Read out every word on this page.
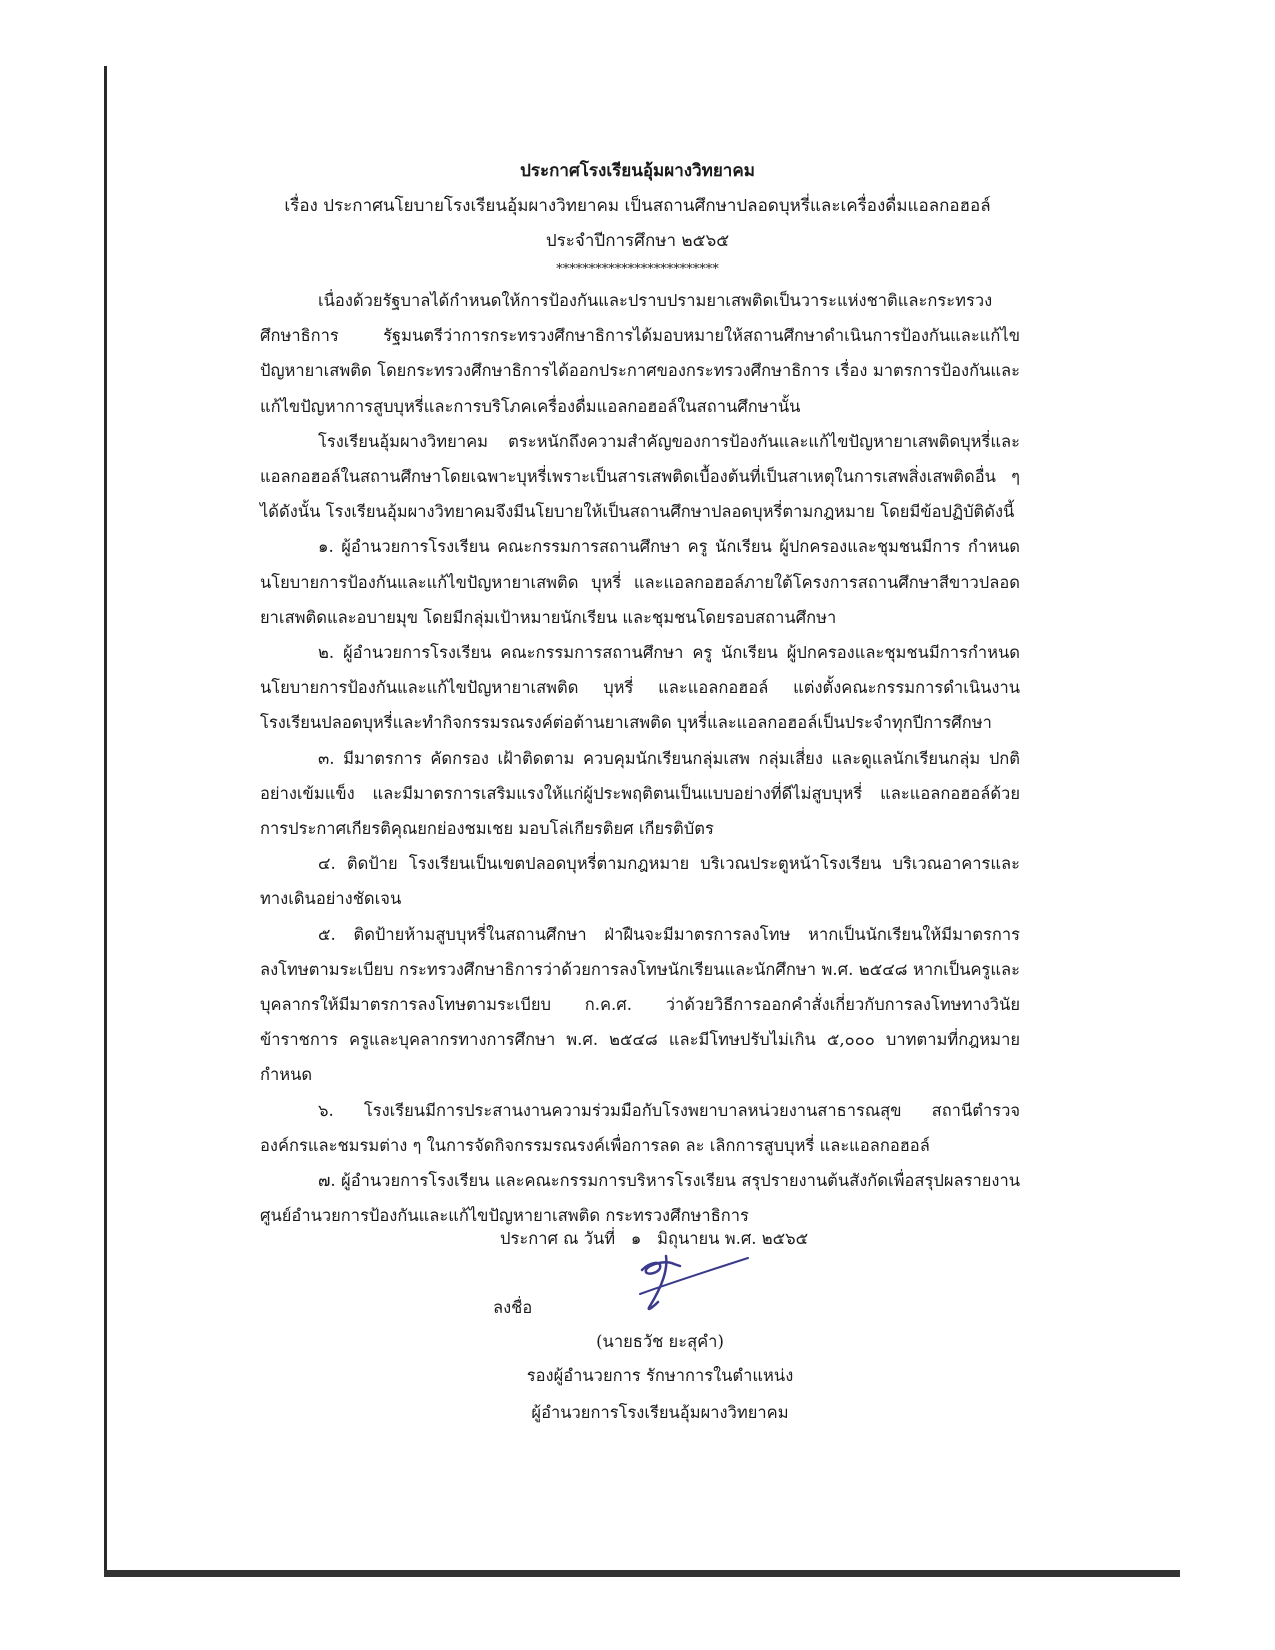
ประกาศโรงเรียนอุ้มผางวิทยาคม
เรื่อง ประกาศนโยบายโรงเรียนอุ้มผางวิทยาคม เป็นสถานศึกษาปลอดบุหรี่และเครื่องดื่มแอลกอฮอล์
ประจำปีการศึกษา ๒๕๖๕
*************************

เนื่องด้วยรัฐบาลได้กำหนดให้การป้องกันและปราบปรามยาเสพติดเป็นวาระแห่งชาติและกระทรวงศึกษาธิการ รัฐมนตรีว่าการกระทรวงศึกษาธิการได้มอบหมายให้สถานศึกษาดำเนินการป้องกันและแก้ไข ปัญหายาเสพติด โดยกระทรวงศึกษาธิการได้ออกประกาศของกระทรวงศึกษาธิการ เรื่อง มาตรการป้องกันและแก้ไขปัญหาการสูบบุหรี่และการบริโภคเครื่องดื่มแอลกอฮอล์ในสถานศึกษานั้น

โรงเรียนอุ้มผางวิทยาคม ตระหนักถึงความสำคัญของการป้องกันและแก้ไขปัญหายาเสพติดบุหรี่และแอลกอฮอล์ในสถานศึกษาโดยเฉพาะบุหรี่เพราะเป็นสารเสพติดเบื้องต้นที่เป็นสาเหตุในการเสพสิ่งเสพติดอื่น ๆ ได้ดังนั้น โรงเรียนอุ้มผางวิทยาคมจึงมีนโยบายให้เป็นสถานศึกษาปลอดบุหรี่ตามกฎหมาย โดยมีข้อปฏิบัติดังนี้

๑. ผู้อำนวยการโรงเรียน คณะกรรมการสถานศึกษา ครู นักเรียน ผู้ปกครองและชุมชนมีการ กำหนดนโยบายการป้องกันและแก้ไขปัญหายาเสพติด บุหรี่ และแอลกอฮอล์ภายใต้โครงการสถานศึกษาสีขาวปลอดยาเสพติดและอบายมุข โดยมีกลุ่มเป้าหมายนักเรียน และชุมชนโดยรอบสถานศึกษา

๒. ผู้อำนวยการโรงเรียน คณะกรรมการสถานศึกษา ครู นักเรียน ผู้ปกครองและชุมชนมีการกำหนดนโยบายการป้องกันและแก้ไขปัญหายาเสพติด บุหรี่ และแอลกอฮอล์ แต่งตั้งคณะกรรมการดำเนินงานโรงเรียนปลอดบุหรี่และทำกิจกรรมรณรงค์ต่อต้านยาเสพติด บุหรี่และแอลกอฮอล์เป็นประจำทุกปีการศึกษา

๓. มีมาตรการ คัดกรอง เฝ้าติดตาม ควบคุมนักเรียนกลุ่มเสพ กลุ่มเสี่ยง และดูแลนักเรียนกลุ่ม ปกติอย่างเข้มแข็ง และมีมาตรการเสริมแรงให้แก่ผู้ประพฤติตนเป็นแบบอย่างที่ดีไม่สูบบุหรี่ และแอลกอฮอล์ด้วยการประกาศเกียรติคุณยกย่องชมเชย มอบโล่เกียรติยศ เกียรติบัตร

๔. ติดป้าย โรงเรียนเป็นเขตปลอดบุหรี่ตามกฎหมาย บริเวณประตูหน้าโรงเรียน บริเวณอาคารและทางเดินอย่างชัดเจน

๕. ติดป้ายห้ามสูบบุหรี่ในสถานศึกษา ฝ่าฝืนจะมีมาตรการลงโทษ หากเป็นนักเรียนให้มีมาตรการลงโทษตามระเบียบ กระทรวงศึกษาธิการว่าด้วยการลงโทษนักเรียนและนักศึกษา พ.ศ. ๒๕๔๘ หากเป็นครูและบุคลากรให้มีมาตรการลงโทษตามระเบียบ ก.ค.ศ. ว่าด้วยวิธีการออกคำสั่งเกี่ยวกับการลงโทษทางวินัยข้าราชการ ครูและบุคลากรทางการศึกษา พ.ศ. ๒๕๔๘ และมีโทษปรับไม่เกิน ๕,๐๐๐ บาทตามที่กฎหมายกำหนด

๖. โรงเรียนมีการประสานงานความร่วมมือกับโรงพยาบาลหน่วยงานสาธารณสุข สถานีตำรวจ องค์กรและชมรมต่าง ๆ ในการจัดกิจกรรมรณรงค์เพื่อการลด ละ เลิกการสูบบุหรี่ และแอลกอฮอล์

๗. ผู้อำนวยการโรงเรียน และคณะกรรมการบริหารโรงเรียน สรุปรายงานต้นสังกัดเพื่อสรุปผลรายงานศูนย์อำนวยการป้องกันและแก้ไขปัญหายาเสพติด กระทรวงศึกษาธิการ

ประกาศ ณ วันที่   ๑   มิถุนายน พ.ศ. ๒๕๖๕
ลงชื่อ
(นายธวัช ยะสุคำ)
รองผู้อำนวยการ รักษาการในตำแหน่ง
ผู้อำนวยการโรงเรียนอุ้มผางวิทยาคม
